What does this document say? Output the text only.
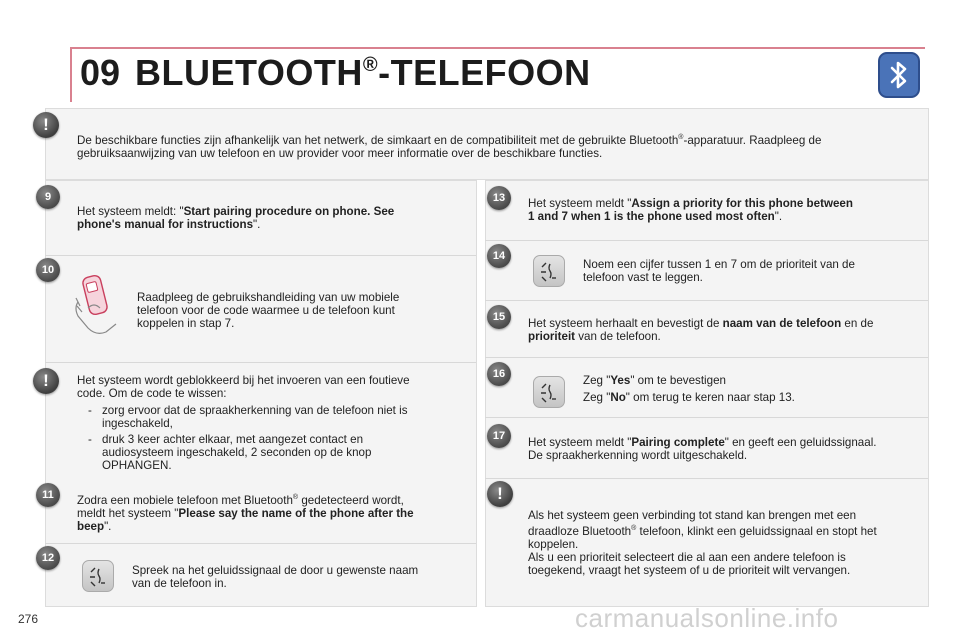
09 BLUETOOTH®-TELEFOON
!
De beschikbare functies zijn afhankelijk van het netwerk, de simkaart en de compatibiliteit met de gebruikte Bluetooth®-apparatuur. Raadpleeg de
gebruiksaanwijzing van uw telefoon en uw provider voor meer informatie over de beschikbare functies.
9
Het systeem meldt: "Start pairing procedure on phone. See
phone's manual for instructions".
10
Raadpleeg de gebruikshandleiding van uw mobiele
telefoon voor de code waarmee u de telefoon kunt
koppelen in stap 7.
!	Het systeem wordt geblokkeerd bij het invoeren van een foutieve
code. Om de code te wissen:
- zorg ervoor dat de spraakherkenning van de telefoon niet is
ingeschakeld,
- druk 3 keer achter elkaar, met aangezet contact en
audiosysteem ingeschakeld, 2 seconden op de knop
OPHANGEN.
11	Zodra een mobiele telefoon met Bluetooth® gedetecteerd wordt,
meldt het systeem "Please say the name of the phone after the
beep".
12
Spreek na het geluidssignaal de door u gewenste naam
van de telefoon in.
13	Het systeem meldt "Assign a priority for this phone between
1 and 7 when 1 is the phone used most often".
14
Noem een cijfer tussen 1 en 7 om de prioriteit van de
telefoon vast te leggen.
15	Het systeem herhaalt en bevestigt de naam van de telefoon en de
prioriteit van de telefoon.
16	Zeg "Yes" om te bevestigen
Zeg "No" om terug te keren naar stap 13.
17	Het systeem meldt "Pairing complete" en geeft een geluidssignaal.
De spraakherkenning wordt uitgeschakeld.
!
Als het systeem geen verbinding tot stand kan brengen met een
draadloze Bluetooth® telefoon, klinkt een geluidssignaal en stopt het
koppelen.
Als u een prioriteit selecteert die al aan een andere telefoon is
toegekend, vraagt het systeem of u de prioriteit wilt vervangen.
276	carmanualsonline.info
